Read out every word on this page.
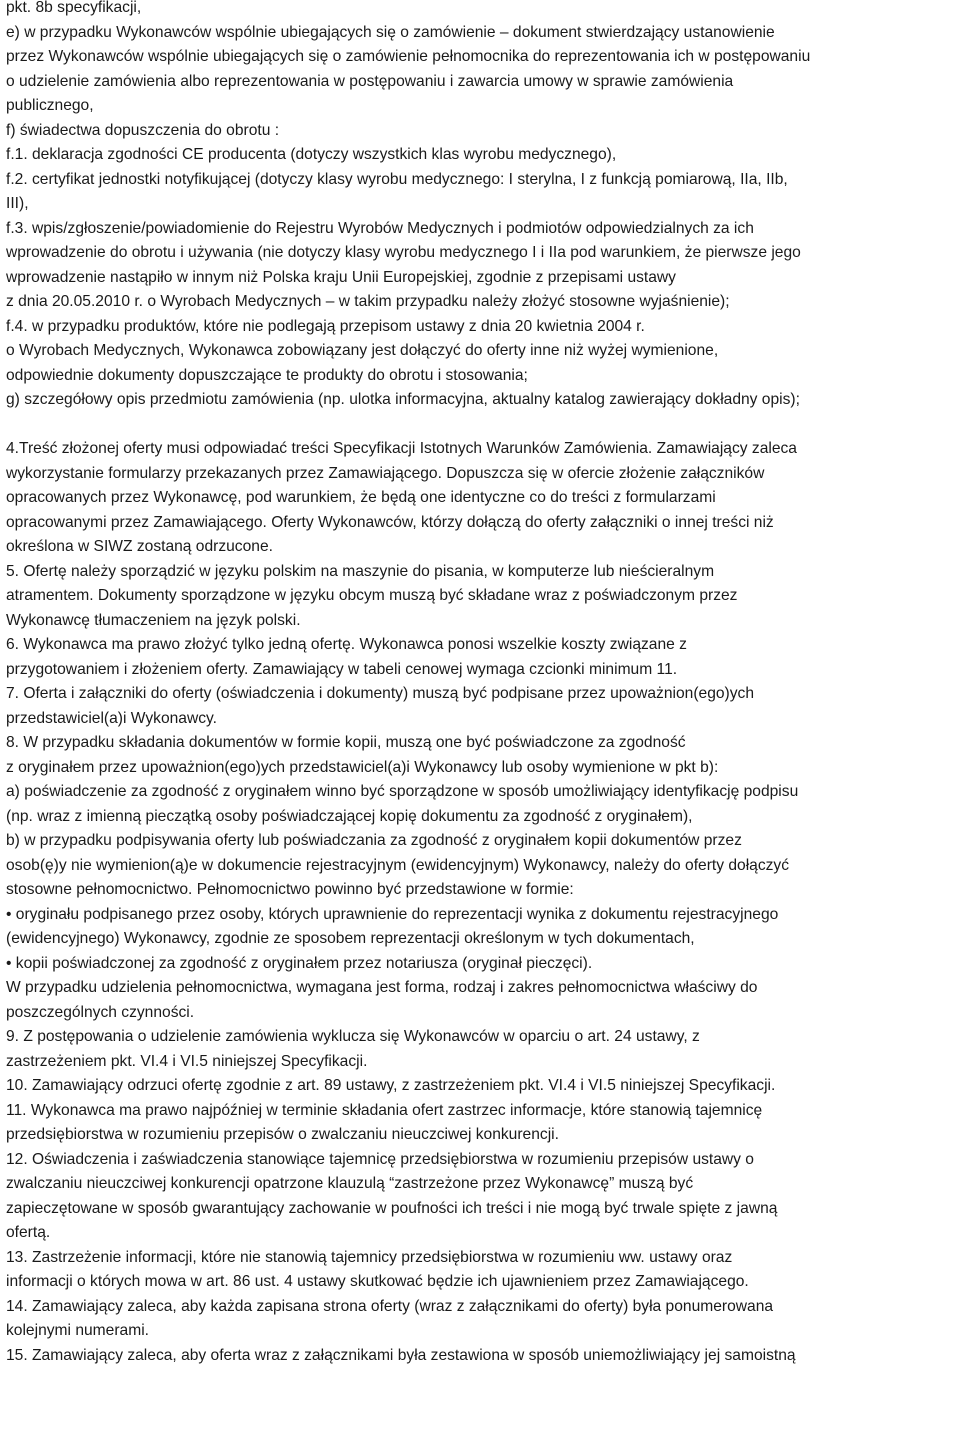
pkt. 8b specyfikacji,
e) w przypadku Wykonawców wspólnie ubiegających się o zamówienie – dokument stwierdzający ustanowienie
przez Wykonawców wspólnie ubiegających się o zamówienie pełnomocnika do reprezentowania ich w postępowaniu
o udzielenie zamówienia albo reprezentowania w postępowaniu i zawarcia umowy w sprawie zamówienia
publicznego,
f) świadectwa dopuszczenia do obrotu :
f.1. deklaracja zgodności CE producenta (dotyczy wszystkich klas wyrobu medycznego),
f.2. certyfikat jednostki notyfikującej (dotyczy klasy wyrobu medycznego: I sterylna, I z funkcją pomiarową, IIa, IIb,
III),
f.3. wpis/zgłoszenie/powiadomienie do Rejestru Wyrobów Medycznych i podmiotów odpowiedzialnych za ich
wprowadzenie do obrotu i używania (nie dotyczy klasy wyrobu medycznego I i IIa pod warunkiem, że pierwsze jego
wprowadzenie nastąpiło w innym niż Polska kraju Unii Europejskiej, zgodnie z przepisami ustawy
z dnia 20.05.2010 r. o Wyrobach Medycznych – w takim przypadku należy złożyć stosowne wyjaśnienie);
f.4. w przypadku produktów, które nie podlegają przepisom ustawy z dnia 20 kwietnia 2004 r.
o Wyrobach Medycznych, Wykonawca zobowiązany jest dołączyć do oferty inne niż wyżej wymienione,
odpowiednie dokumenty dopuszczające te produkty do obrotu i stosowania;
g) szczegółowy opis przedmiotu zamówienia (np. ulotka informacyjna, aktualny katalog zawierający dokładny opis);
4.Treść złożonej oferty musi odpowiadać treści Specyfikacji Istotnych Warunków Zamówienia. Zamawiający zaleca
wykorzystanie formularzy przekazanych przez Zamawiającego. Dopuszcza się w ofercie złożenie załączników
opracowanych przez Wykonawcę, pod warunkiem, że będą one identyczne co do treści z formularzami
opracowanymi przez Zamawiającego. Oferty Wykonawców, którzy dołączą do oferty załączniki o innej treści niż
określona w SIWZ zostaną odrzucone.
5. Ofertę należy sporządzić w języku polskim na maszynie do pisania, w komputerze lub nieścieralnym
atramentem. Dokumenty sporządzone w języku obcym muszą być składane wraz z poświadczonym przez
Wykonawcę tłumaczeniem na język polski.
6. Wykonawca ma prawo złożyć tylko jedną ofertę. Wykonawca ponosi wszelkie koszty związane z
przygotowaniem i złożeniem oferty. Zamawiający w tabeli cenowej wymaga czcionki minimum 11.
7. Oferta i załączniki do oferty (oświadczenia i dokumenty) muszą być podpisane przez upoważnion(ego)ych
przedstawiciel(a)i Wykonawcy.
8. W przypadku składania dokumentów w formie kopii, muszą one być poświadczone za zgodność
z oryginałem przez upoważnion(ego)ych przedstawiciel(a)i Wykonawcy lub osoby wymienione w pkt b):
a) poświadczenie za zgodność z oryginałem winno być sporządzone w sposób umożliwiający identyfikację podpisu
(np. wraz z imienną pieczątką osoby poświadczającej kopię dokumentu za zgodność z oryginałem),
b) w przypadku podpisywania oferty lub poświadczania za zgodność z oryginałem kopii dokumentów przez
osob(ę)y nie wymienion(ą)e w dokumencie rejestracyjnym (ewidencyjnym) Wykonawcy, należy do oferty dołączyć
stosowne pełnomocnictwo. Pełnomocnictwo powinno być przedstawione w formie:
• oryginału podpisanego przez osoby, których uprawnienie do reprezentacji wynika z dokumentu rejestracyjnego
(ewidencyjnego) Wykonawcy, zgodnie ze sposobem reprezentacji określonym w tych dokumentach,
• kopii poświadczonej za zgodność z oryginałem przez notariusza (oryginał pieczęci).
W przypadku udzielenia pełnomocnictwa, wymagana jest forma, rodzaj i zakres pełnomocnictwa właściwy do
poszczególnych czynności.
9. Z postępowania o udzielenie zamówienia wyklucza się Wykonawców w oparciu o art. 24 ustawy, z
zastrzeżeniem pkt. VI.4 i VI.5 niniejszej Specyfikacji.
10. Zamawiający odrzuci ofertę zgodnie z art. 89 ustawy, z zastrzeżeniem pkt. VI.4 i VI.5 niniejszej Specyfikacji.
11. Wykonawca ma prawo najpóźniej w terminie składania ofert zastrzec informacje, które stanowią tajemnicę
przedsiębiorstwa w rozumieniu przepisów o zwalczaniu nieuczciwej konkurencji.
12. Oświadczenia i zaświadczenia stanowiące tajemnicę przedsiębiorstwa w rozumieniu przepisów ustawy o
zwalczaniu nieuczciwej konkurencji opatrzone klauzulą “zastrzeżone przez Wykonawcę” muszą być
zapieczętowane w sposób gwarantujący zachowanie w poufności ich treści i nie mogą być trwale spięte z jawną
ofertą.
13. Zastrzeżenie informacji, które nie stanowią tajemnicy przedsiębiorstwa w rozumieniu ww. ustawy oraz
informacji o których mowa w art. 86 ust. 4 ustawy skutkować będzie ich ujawnieniem przez Zamawiającego.
14. Zamawiający zaleca, aby każda zapisana strona oferty (wraz z załącznikami do oferty) była ponumerowana
kolejnymi numerami.
15. Zamawiający zaleca, aby oferta wraz z załącznikami była zestawiona w sposób uniemożliwiający jej samoistną
